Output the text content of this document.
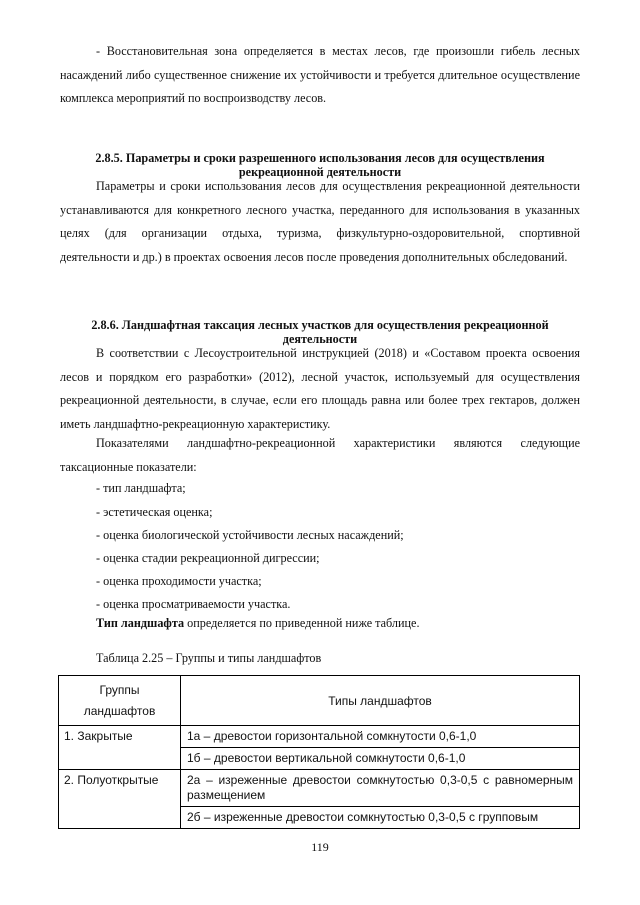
- Восстановительная зона определяется в местах лесов, где произошли гибель лесных насаждений либо существенное снижение их устойчивости и требуется длительное осуществление комплекса мероприятий по воспроизводству лесов.

2.8.5. Параметры и сроки разрешенного использования лесов для осуществления рекреационной деятельности

Параметры и сроки использования лесов для осуществления рекреационной деятельности устанавливаются для конкретного лесного участка, переданного для использования в указанных целях (для организации отдыха, туризма, физкультурно-оздоровительной, спортивной деятельности и др.) в проектах освоения лесов после проведения дополнительных обследований.

2.8.6. Ландшафтная таксация лесных участков для осуществления рекреационной деятельности

В соответствии с Лесоустроительной инструкцией (2018) и «Составом проекта освоения лесов и порядком его разработки» (2012), лесной участок, используемый для осуществления рекреационной деятельности, в случае, если его площадь равна или более трех гектаров, должен иметь ландшафтно-рекреационную характеристику.

Показателями ландшафтно-рекреационной характеристики являются следующие таксационные показатели:

- тип ландшафта;

- эстетическая оценка;

- оценка биологической устойчивости лесных насаждений;

- оценка стадии рекреационной дигрессии;

- оценка проходимости участка;

- оценка просматриваемости участка.

Тип ландшафта определяется по приведенной ниже таблице.

Таблица 2.25 – Группы и типы ландшафтов

Группы ландшафтов	Типы ландшафтов
1. Закрытые	1а – древостои горизонтальной сомкнутости 0,6-1,0
1б – древостои вертикальной сомкнутости 0,6-1,0

2. Полуоткрытые	2а – изреженные древостои сомкнутостью 0,3-0,5 с равномерным размещением
2б – изреженные древостои сомкнутостью 0,3-0,5 с групповым
119
